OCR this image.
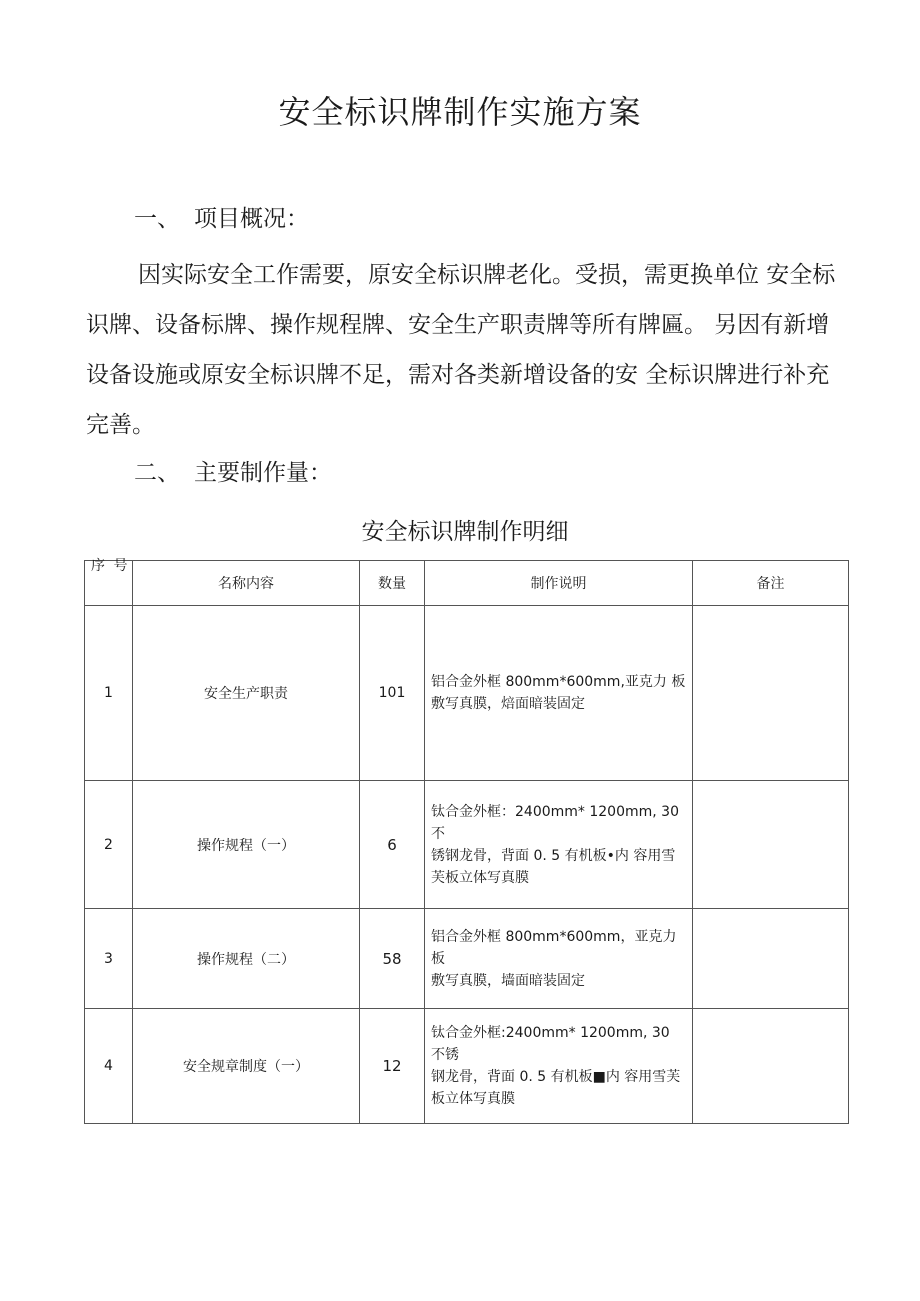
安全标识牌制作实施方案
一、 项目概况：
因实际安全工作需要，原安全标识牌老化。受损，需更换单位 安全标
识牌、设备标牌、操作规程牌、安全生产职责牌等所有牌匾。 另因有新增
设备设施或原安全标识牌不足，需对各类新增设备的安 全标识牌进行补充
完善。
二、 主要制作量：
安全标识牌制作明细
序 号	名称内容	数量	制作说明	备注
1	安全生产职责	101	铝合金外框 800mm*600mm,亚克力 板
敷写真膜，焙面暗装固定	

2	操作规程（一）	6	钛合金外框：2400mm* 1200mm, 30 不
锈钢龙骨，背面 0. 5 有机板•内 容用雪
芙板立体写真膜	

3	操作规程（二）	58	铝合金外框 800mm*600mm，亚克力 板
敷写真膜，墙面暗装固定	

4	安全规章制度（一）	12	钛合金外框:2400mm* 1200mm, 30 不锈
钢龙骨，背面 0. 5 有机板■内 容用雪芙
板立体写真膜	
